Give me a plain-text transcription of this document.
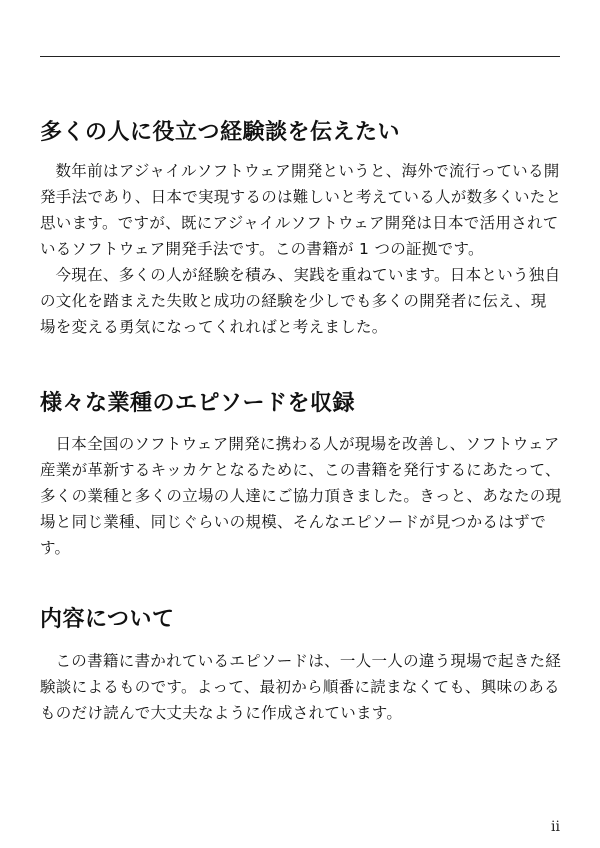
多くの人に役立つ経験談を伝えたい

数年前はアジャイルソフトウェア開発というと、海外で流行っている開発手法であり、日本で実現するのは難しいと考えている人が数多くいたと思います。ですが、既にアジャイルソフトウェア開発は日本で活用されているソフトウェア開発手法です。この書籍が 1 つの証拠です。

今現在、多くの人が経験を積み、実践を重ねています。日本という独自の文化を踏まえた失敗と成功の経験を少しでも多くの開発者に伝え、現場を変える勇気になってくれればと考えました。

様々な業種のエピソードを収録

日本全国のソフトウェア開発に携わる人が現場を改善し、ソフトウェア産業が革新するキッカケとなるために、この書籍を発行するにあたって、多くの業種と多くの立場の人達にご協力頂きました。きっと、あなたの現場と同じ業種、同じぐらいの規模、そんなエピソードが見つかるはずです。

内容について

この書籍に書かれているエピソードは、一人一人の違う現場で起きた経験談によるものです。よって、最初から順番に読まなくても、興味のあるものだけ読んで大丈夫なように作成されています。

ii
